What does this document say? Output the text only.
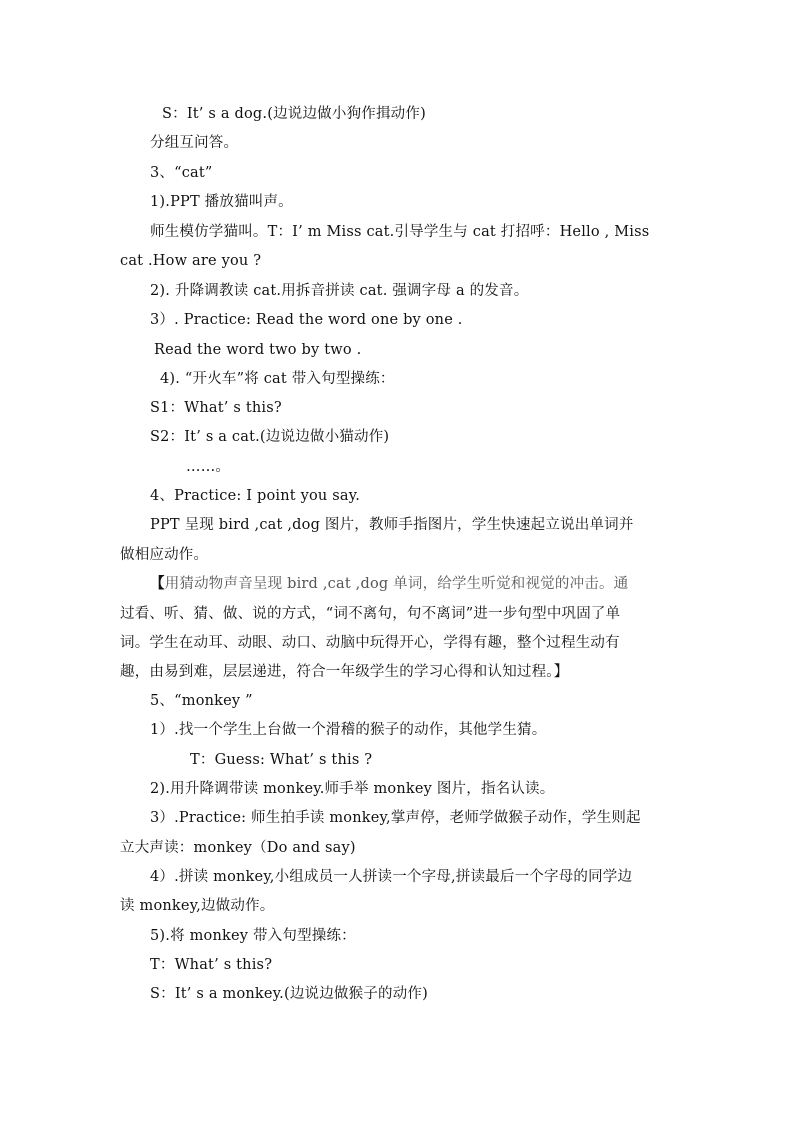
S：It’ s a dog.(边说边做小狗作揖动作)
分组互问答。
3、“cat”
1).PPT 播放猫叫声。
师生模仿学猫叫。T：I’ m Miss cat.引导学生与 cat 打招呼：Hello , Miss
cat .How are you ?
2). 升降调教读 cat.用拆音拼读 cat. 强调字母 a 的发音。
3）. Practice: Read the word one by one .
Read the word two by two .
4). “开火车”将 cat 带入句型操练：
S1：What’ s this?
S2：It’ s a cat.(边说边做小猫动作)
……。
4、Practice: I point you say.
PPT 呈现 bird ,cat ,dog 图片，教师手指图片，学生快速起立说出单词并
做相应动作。
【用猜动物声音呈现 bird ,cat ,dog 单词，给学生听觉和视觉的冲击。通
过看、听、猜、做、说的方式，“词不离句，句不离词”进一步句型中巩固了单
词。学生在动耳、动眼、动口、动脑中玩得开心，学得有趣，整个过程生动有
趣，由易到难，层层递进，符合一年级学生的学习心得和认知过程。】
5、“monkey ”
1）.找一个学生上台做一个滑稽的猴子的动作，其他学生猜。
T：Guess: What’ s this ?
2).用升降调带读 monkey.师手举 monkey 图片，指名认读。
3）.Practice: 师生拍手读 monkey,掌声停，老师学做猴子动作，学生则起
立大声读：monkey（Do and say)
4）.拼读 monkey,小组成员一人拼读一个字母,拼读最后一个字母的同学边
读 monkey,边做动作。
5).将 monkey 带入句型操练：
T：What’ s this?
S：It’ s a monkey.(边说边做猴子的动作)
